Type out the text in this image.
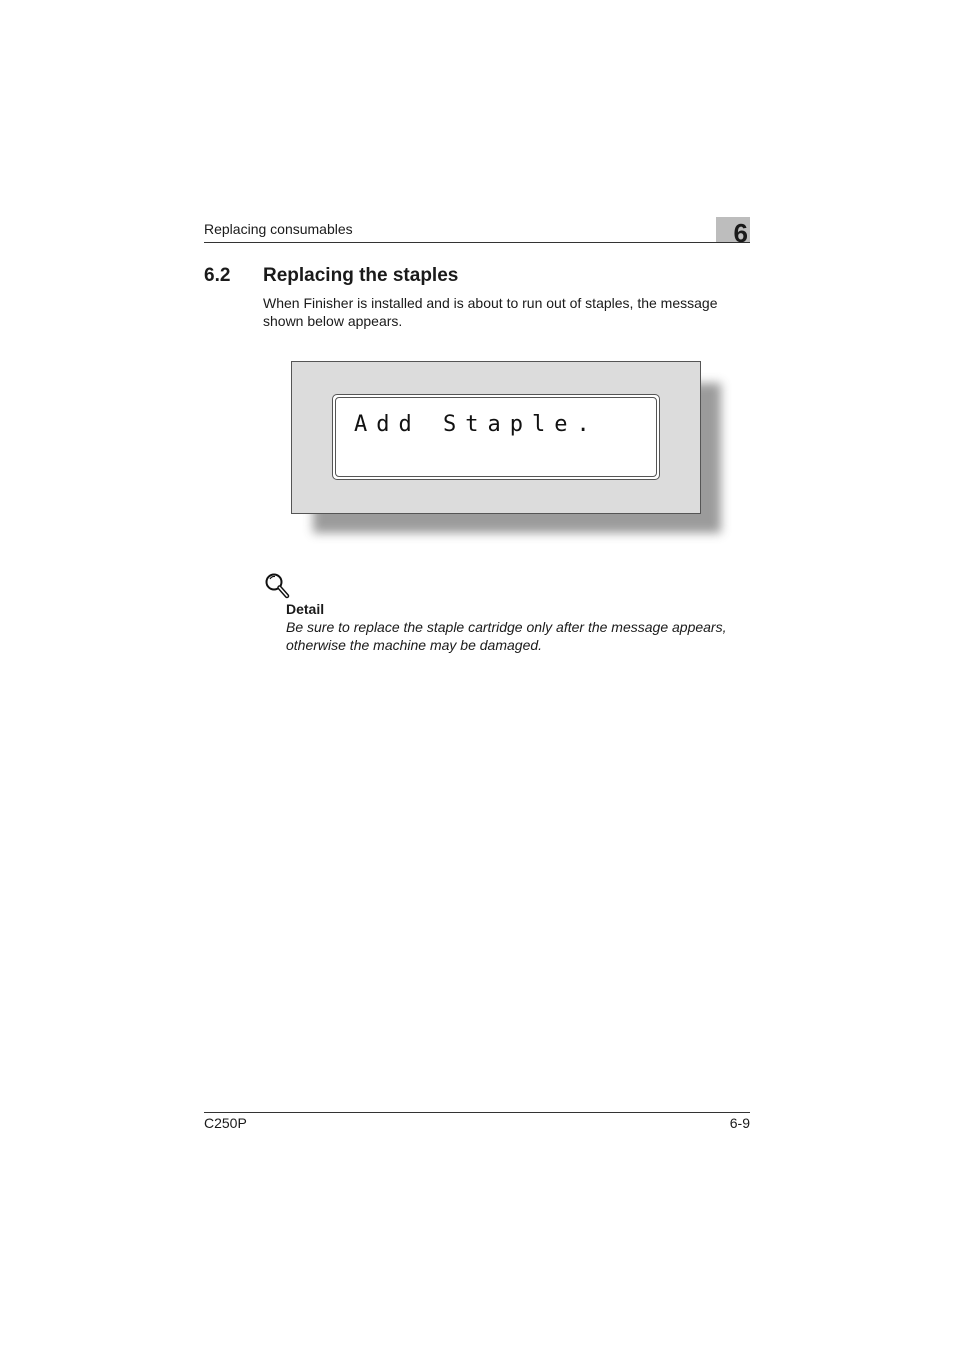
Replacing consumables	6
6.2 Replacing the staples

When Finisher is installed and is about to run out of staples, the message shown below appears.

Add Staple.
Detail

Be sure to replace the staple cartridge only after the message appears, otherwise the machine may be damaged.

C250P	6-9
